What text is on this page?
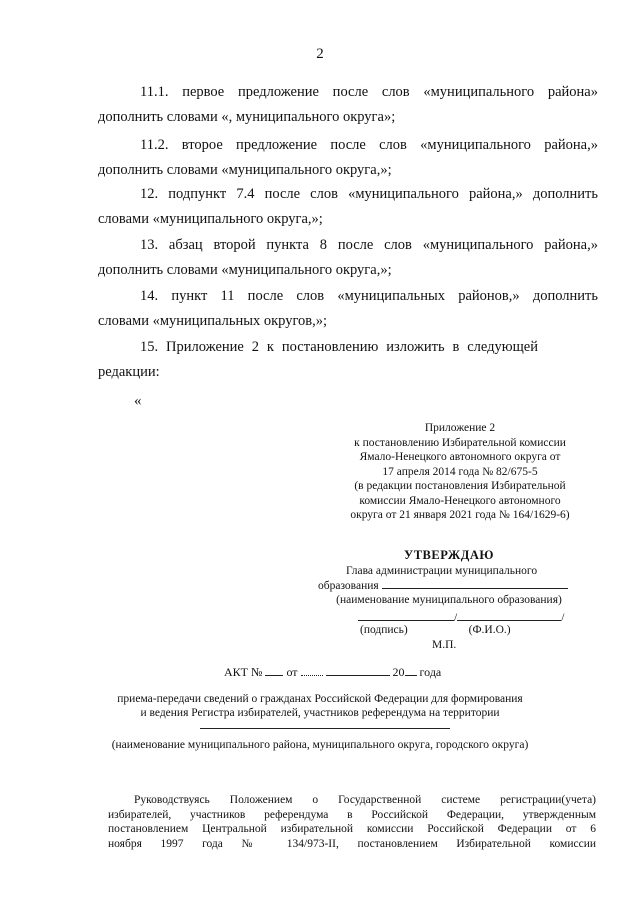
2
11.1. первое предложение после слов «муниципального района»
дополнить словами «, муниципального округа»;
11.2. второе предложение после слов «муниципального района,»
дополнить словами «муниципального округа,»;
12. подпункт 7.4 после слов «муниципального района,» дополнить
словами «муниципального округа,»;
13. абзац второй пункта 8 после слов «муниципального района,»
дополнить словами «муниципального округа,»;
14. пункт 11 после слов «муниципальных районов,» дополнить
словами «муниципальных округов,»;
15. Приложение 2 к постановлению изложить в следующей
редакции:
«
Приложение 2
к постановлению Избирательной комиссии
Ямало-Ненецкого автономного округа от
17 апреля 2014 года № 82/675-5
(в редакции постановления Избирательной
комиссии Ямало-Ненецкого автономного
округа от 21 января 2021 года № 164/1629-6)
УТВЕРЖДАЮ
Глава администрации муниципального
образования
(наименование муниципального образования)
/	/
(подпись)	(Ф.И.О.)
М.П.
АКТ № от	20 года
приема-передачи сведений о гражданах Российской Федерации для формирования
и ведения Регистра избирателей, участников референдума на территории
(наименование муниципального района, муниципального округа, городского округа)
Руководствуясь Положением о Государственной системе регистрации(учета)
избирателей, участников референдума в Российской Федерации, утвержденным
постановлением Центральной избирательной комиссии Российской Федерации от 6
ноября 1997 года № 134/973-II, постановлением Избирательной комиссии
